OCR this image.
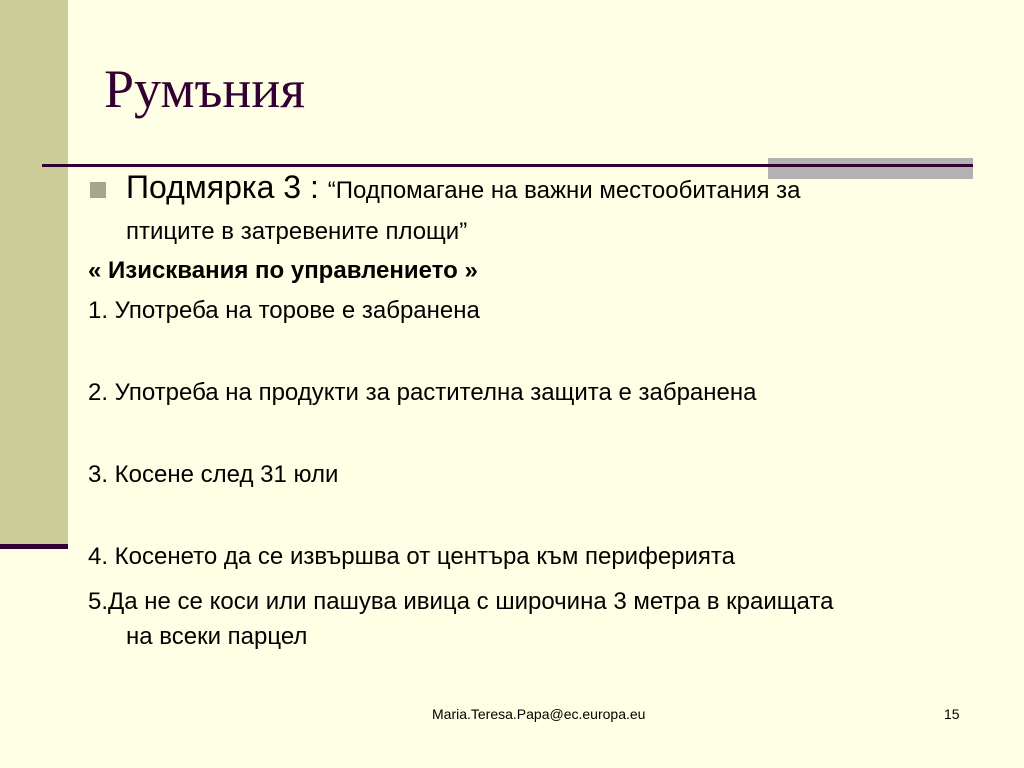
Румъния
Подмярка 3 : “Подпомагане на важни местообитания за
птиците в затревените площи”
« Изисквания по управлението »
1. Употреба на торове е забранена
2. Употреба на продукти за растителна защита е забранена
3. Косене след 31 юли
4. Косенето да се извършва от центъра към периферията
5.Да не се коси или пашува ивица с широчина 3 метра в краищата
на всеки парцел
Maria.Teresa.Papa@ec.europa.eu	15
